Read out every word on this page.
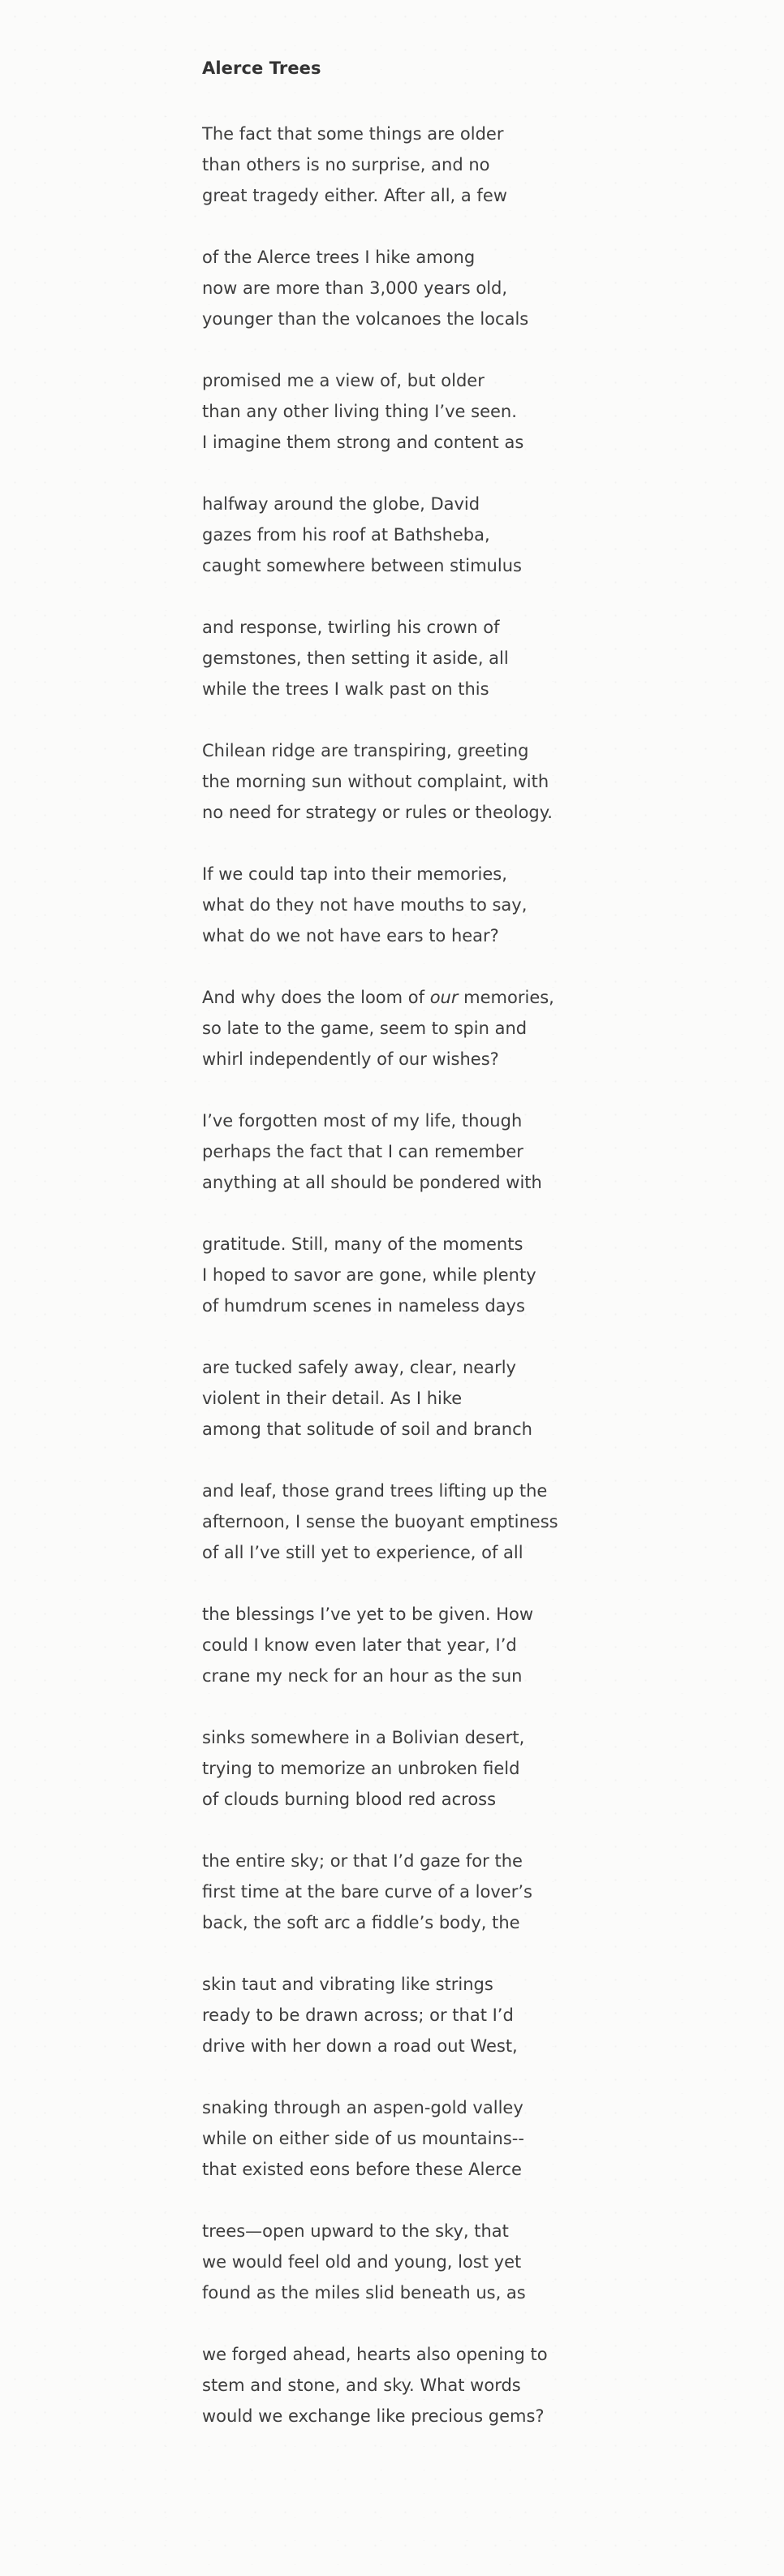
Alerce Trees

The fact that some things are older
than others is no surprise, and no
great tragedy either. After all, a few

of the Alerce trees I hike among
now are more than 3,000 years old,
younger than the volcanoes the locals

promised me a view of, but older
than any other living thing I’ve seen.
I imagine them strong and content as

halfway around the globe, David
gazes from his roof at Bathsheba,
caught somewhere between stimulus

and response, twirling his crown of
gemstones, then setting it aside, all
while the trees I walk past on this

Chilean ridge are transpiring, greeting
the morning sun without complaint, with
no need for strategy or rules or theology.

If we could tap into their memories,
what do they not have mouths to say,
what do we not have ears to hear?

And why does the loom of our memories,
so late to the game, seem to spin and
whirl independently of our wishes?

I’ve forgotten most of my life, though
perhaps the fact that I can remember
anything at all should be pondered with

gratitude. Still, many of the moments
I hoped to savor are gone, while plenty
of humdrum scenes in nameless days

are tucked safely away, clear, nearly
violent in their detail. As I hike
among that solitude of soil and branch

and leaf, those grand trees lifting up the
afternoon, I sense the buoyant emptiness
of all I’ve still yet to experience, of all

the blessings I’ve yet to be given. How
could I know even later that year, I’d
crane my neck for an hour as the sun

sinks somewhere in a Bolivian desert,
trying to memorize an unbroken field
of clouds burning blood red across

the entire sky; or that I’d gaze for the
first time at the bare curve of a lover’s
back, the soft arc a fiddle’s body, the

skin taut and vibrating like strings
ready to be drawn across; or that I’d
drive with her down a road out West,

snaking through an aspen-gold valley
while on either side of us mountains--
that existed eons before these Alerce

trees—open upward to the sky, that
we would feel old and young, lost yet
found as the miles slid beneath us, as

we forged ahead, hearts also opening to
stem and stone, and sky. What words
would we exchange like precious gems?
